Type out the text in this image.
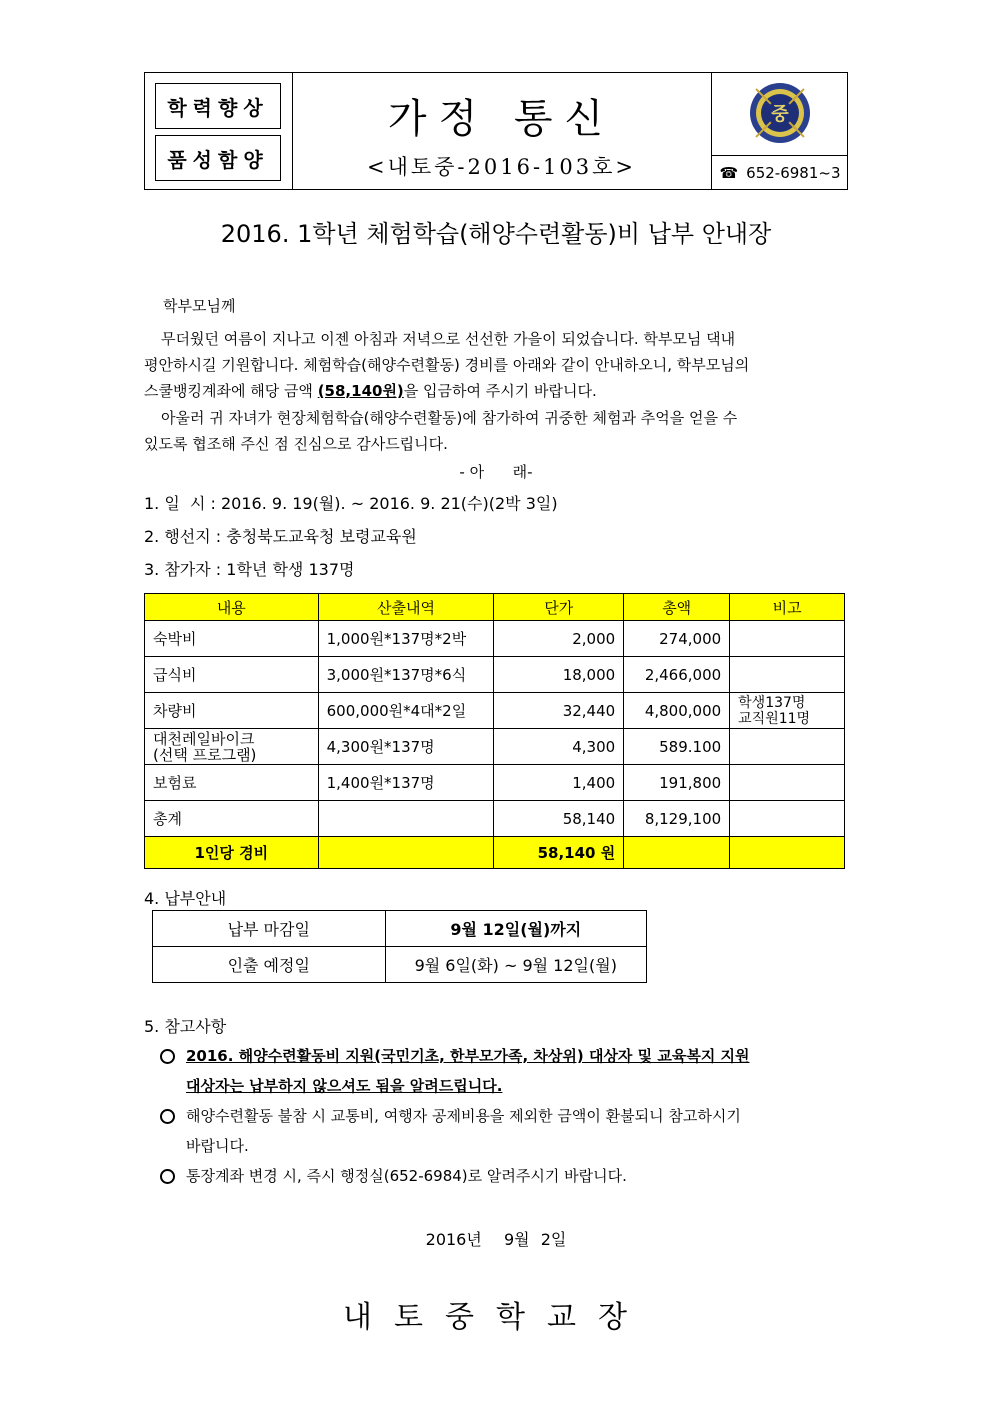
학력향상
품성함양
가정 통신
<내토중-2016-103호>
중
☎ 652-6981~3
2016. 1학년 체험학습(해양수련활동)비 납부 안내장
학부모님께
무더웠던 여름이 지나고 이젠 아침과 저녁으로 선선한 가을이 되었습니다. 학부모님 댁내
평안하시길 기원합니다. 체험학습(해양수련활동) 경비를 아래와 같이 안내하오니, 학부모님의
스쿨뱅킹계좌에 해당 금액 (58,140원)을 입금하여 주시기 바랍니다.
아울러 귀 자녀가 현장체험학습(해양수련활동)에 참가하여 귀중한 체험과 추억을 얻을 수
있도록 협조해 주신 점 진심으로 감사드립니다.
- 아      래-
1. 일  시 : 2016. 9. 19(월). ~ 2016. 9. 21(수)(2박 3일)
2. 행선지 : 충청북도교육청 보령교육원
3. 참가자 : 1학년 학생 137명
내용	산출내역	단가	총액	비고
숙박비	1,000원*137명*2박	2,000	274,000	
급식비	3,000원*137명*6식	18,000	2,466,000	
차량비	600,000원*4대*2일	32,440	4,800,000	학생137명
교직원11명

대천레일바이크
(선택 프로그램)	4,300원*137명	4,300	589.100	
보험료	1,400원*137명	1,400	191,800	
총계		58,140	8,129,100	
1인당 경비		58,140 원		
4. 납부안내
납부 마감일	9월 12일(월)까지
인출 예정일	9월 6일(화) ~ 9월 12일(월)
5. 참고사항
2016. 해양수련활동비 지원(국민기초, 한부모가족, 차상위) 대상자 및 교육복지 지원
대상자는 납부하지 않으셔도 됨을 알려드립니다.
해양수련활동 불참 시 교통비, 여행자 공제비용을 제외한 금액이 환불되니 참고하시기
바랍니다.
통장계좌 변경 시, 즉시 행정실(652-6984)로 알려주시기 바랍니다.
2016년  9월 2일
내토중학교장
